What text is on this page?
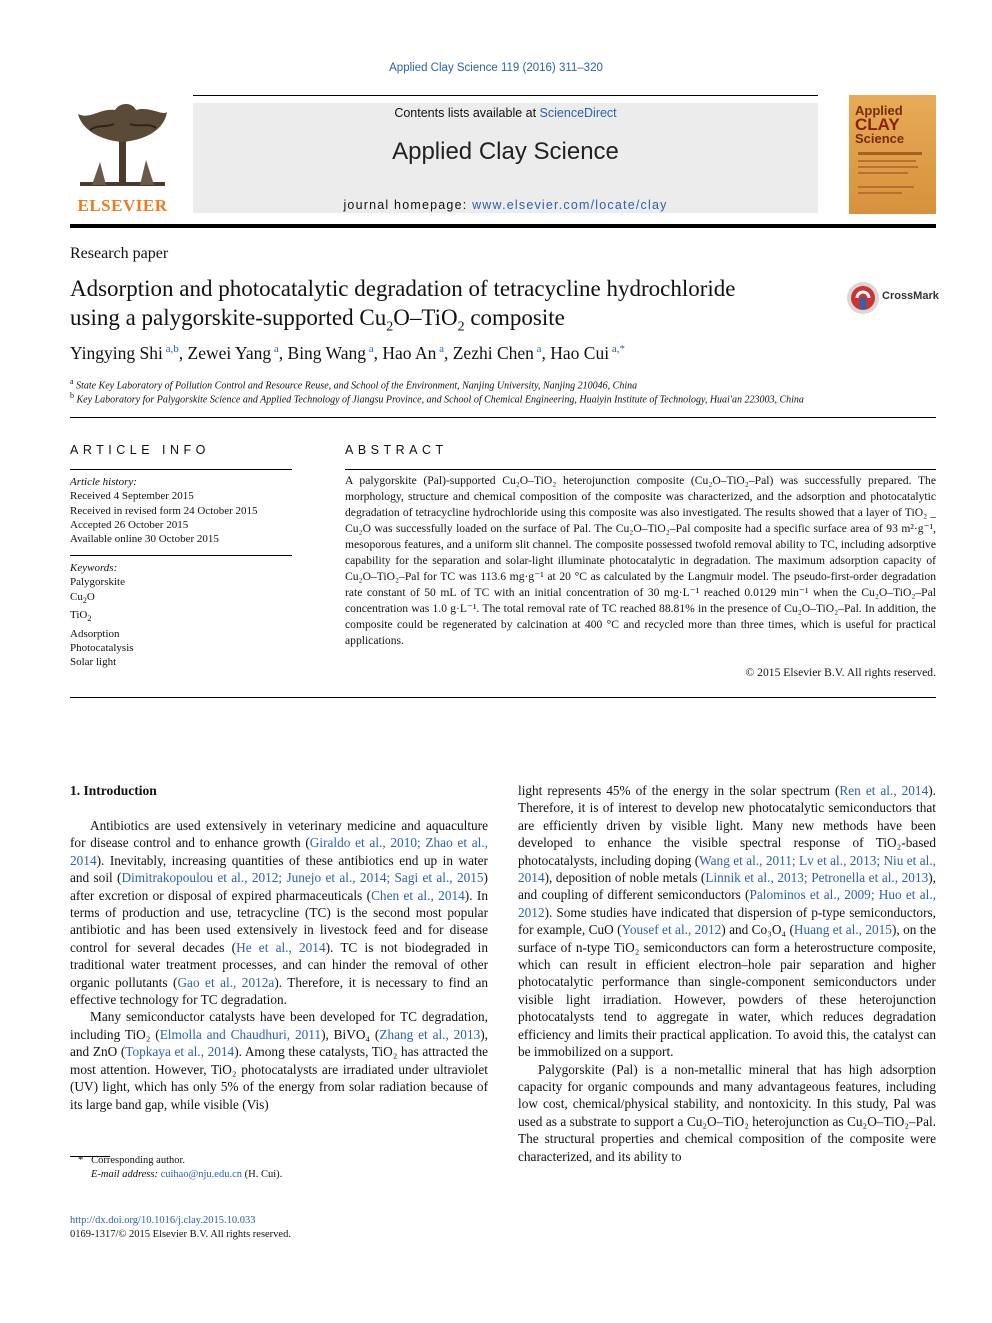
Applied Clay Science 119 (2016) 311–320
ELSEVIER
Contents lists available at ScienceDirect
Applied Clay Science
journal homepage: www.elsevier.com/locate/clay
Applied
CLAY
Science
Research paper
Adsorption and photocatalytic degradation of tetracycline hydrochloride
using a palygorskite-supported $Cu_2O-TiO_2$ composite
CrossMark
Yingying Shi $^{a,b}$, Zewei Yang $^a$, Bing Wang $^a$, Hao An $^a$, Zezhi Chen $^a$, Hao Cui $^{a,*}$
$^a$ State Key Laboratory of Pollution Control and Resource Reuse, and School of the Environment, Nanjing University, Nanjing 210046, China
$^b$ Key Laboratory for Palygorskite Science and Applied Technology of Jiangsu Province, and School of Chemical Engineering, Huaiyin Institute of Technology, Huai'an 223003, China
ARTICLE INFO
Article history:
Received 4 September 2015
Received in revised form 24 October 2015
Accepted 26 October 2015
Available online 30 October 2015
Keywords:
Palygorskite
$Cu_2O$
TiO$_2$
Adsorption
Photocatalysis
Solar light
ABSTRACT
A palygorskite (Pal)-supported Cu₂O–TiO₂ heterojunction composite (Cu₂O–TiO₂–Pal) was successfully prepared. The morphology, structure and chemical composition of the composite was characterized, and the adsorption and photocatalytic degradation of tetracycline hydrochloride using this composite was also investigated. The results showed that a layer of TiO₂ _ Cu₂O was successfully loaded on the surface of Pal. The Cu₂O–TiO₂–Pal composite had a specific surface area of 93 m²·g⁻¹, mesoporous features, and a uniform slit channel. The composite possessed twofold removal ability to TC, including adsorptive capability for the separation and solar-light illuminate photocatalytic in degradation. The maximum adsorption capacity of Cu₂O–TiO₂–Pal for TC was 113.6 mg·g⁻¹ at 20 °C as calculated by the Langmuir model. The pseudo-first-order degradation rate constant of 50 mL of TC with an initial concentration of 30 mg·L⁻¹ reached 0.0129 min⁻¹ when the Cu₂O–TiO₂–Pal concentration was 1.0 g·L⁻¹. The total removal rate of TC reached 88.81% in the presence of Cu₂O–TiO₂–Pal. In addition, the composite could be regenerated by calcination at 400 °C and recycled more than three times, which is useful for practical applications.
© 2015 Elsevier B.V. All rights reserved.
1. Introduction

Antibiotics are used extensively in veterinary medicine and aquaculture for disease control and to enhance growth (Giraldo et al., 2010; Zhao et al., 2014). Inevitably, increasing quantities of these antibiotics end up in water and soil (Dimitrakopoulou et al., 2012; Junejo et al., 2014; Sagi et al., 2015) after excretion or disposal of expired pharmaceuticals (Chen et al., 2014). In terms of production and use, tetracycline (TC) is the second most popular antibiotic and has been used extensively in livestock feed and for disease control for several decades (He et al., 2014). TC is not biodegraded in traditional water treatment processes, and can hinder the removal of other organic pollutants (Gao et al., 2012a). Therefore, it is necessary to find an effective technology for TC degradation.

Many semiconductor catalysts have been developed for TC degradation, including TiO₂ (Elmolla and Chaudhuri, 2011), BiVO₄ (Zhang et al., 2013), and ZnO (Topkaya et al., 2014). Among these catalysts, TiO₂ has attracted the most attention. However, TiO₂ photocatalysts are irradiated under ultraviolet (UV) light, which has only 5% of the energy from solar radiation because of its large band gap, while visible (Vis)

light represents 45% of the energy in the solar spectrum (Ren et al., 2014). Therefore, it is of interest to develop new photocatalytic semiconductors that are efficiently driven by visible light. Many new methods have been developed to enhance the visible spectral response of TiO₂-based photocatalysts, including doping (Wang et al., 2011; Lv et al., 2013; Niu et al., 2014), deposition of noble metals (Linnik et al., 2013; Petronella et al., 2013), and coupling of different semiconductors (Palominos et al., 2009; Huo et al., 2012). Some studies have indicated that dispersion of p-type semiconductors, for example, CuO (Yousef et al., 2012) and Co₃O₄ (Huang et al., 2015), on the surface of n-type TiO₂ semiconductors can form a heterostructure composite, which can result in efficient electron–hole pair separation and higher photocatalytic performance than single-component semiconductors under visible light irradiation. However, powders of these heterojunction photocatalysts tend to aggregate in water, which reduces degradation efficiency and limits their practical application. To avoid this, the catalyst can be immobilized on a support.

Palygorskite (Pal) is a non-metallic mineral that has high adsorption capacity for organic compounds and many advantageous features, including low cost, chemical/physical stability, and nontoxicity. In this study, Pal was used as a substrate to support a Cu₂O–TiO₂ heterojunction as Cu₂O–TiO₂–Pal. The structural properties and chemical composition of the composite were characterized, and its ability to

* Corresponding author.
E-mail address: cuihao@nju.edu.cn (H. Cui).
http://dx.doi.org/10.1016/j.clay.2015.10.033
0169-1317/© 2015 Elsevier B.V. All rights reserved.
